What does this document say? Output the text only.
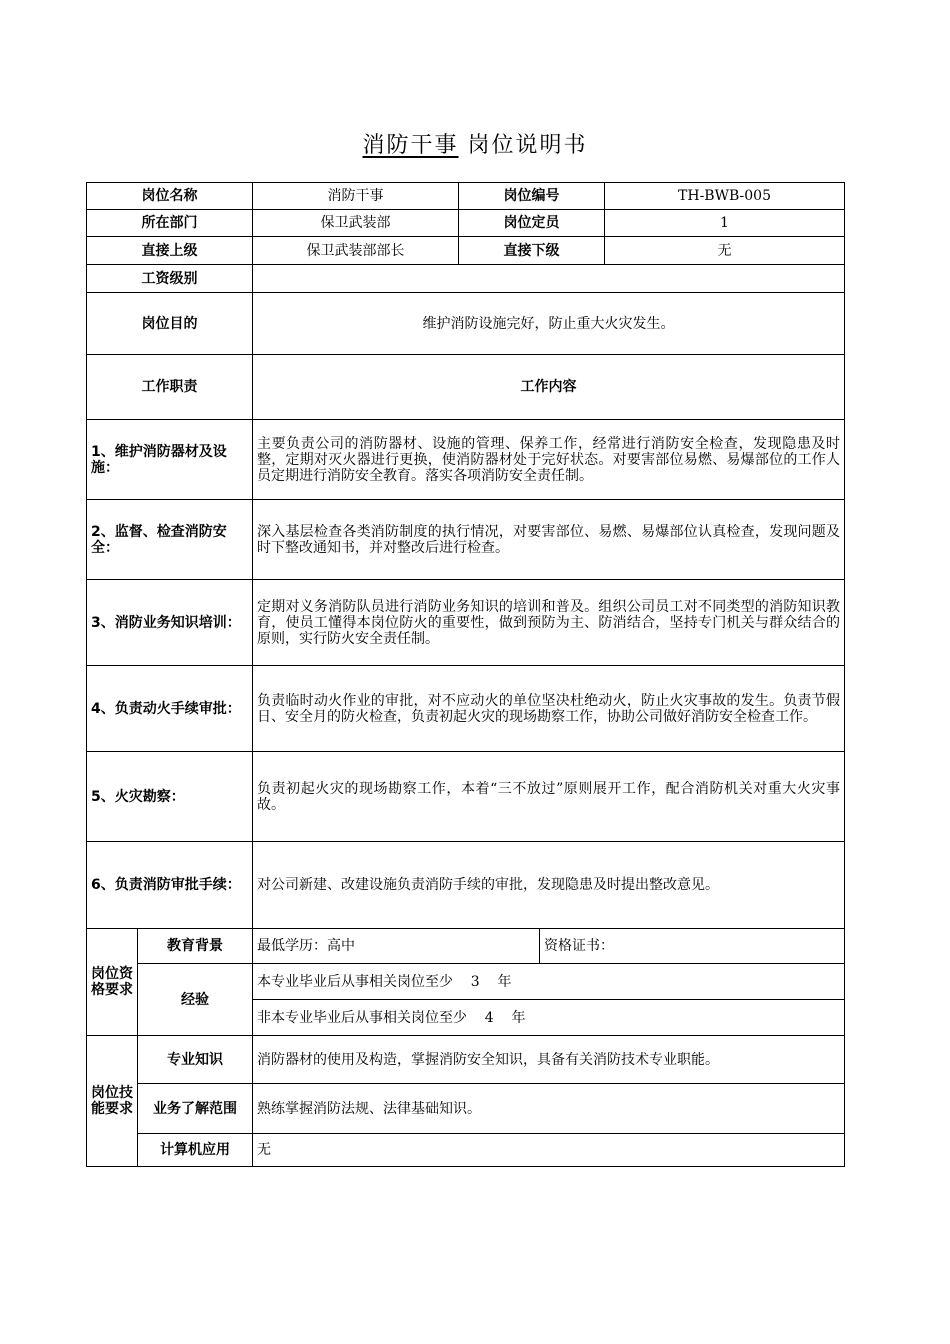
消防干事 岗位说明书
岗位名称		消防干事	岗位编号		TH-BWB-005
所在部门		保卫武装部	岗位定员		1
直接上级		保卫武装部部长	直接下级		无
工资级别					
岗位目的		维护消防设施完好，防止重大火灾发生。			
工作职责		工作内容			
1、维护消防器材及设施：		主要负责公司的消防器材、设施的管理、保养工作，经常进行消防安全检查，发现隐患及时整，定期对灭火器进行更换，使消防器材处于完好状态。对要害部位易燃、易爆部位的工作人员定期进行消防安全教育。落实各项消防安全责任制。			
2、监督、检查消防安全：		深入基层检查各类消防制度的执行情况，对要害部位、易燃、易爆部位认真检查，发现问题及时下整改通知书，并对整改后进行检查。			
3、消防业务知识培训：		定期对义务消防队员进行消防业务知识的培训和普及。组织公司员工对不同类型的消防知识教育，使员工懂得本岗位防火的重要性，做到预防为主、防消结合，坚持专门机关与群众结合的原则，实行防火安全责任制。			
4、负责动火手续审批：		负责临时动火作业的审批，对不应动火的单位坚决杜绝动火，防止火灾事故的发生。负责节假日、安全月的防火检查，负责初起火灾的现场勘察工作，协助公司做好消防安全检查工作。			
5、火灾勘察：		负责初起火灾的现场勘察工作，本着“三不放过”原则展开工作，配合消防机关对重大火灾事故。			
6、负责消防审批手续：		对公司新建、改建设施负责消防手续的审批，发现隐患及时提出整改意见。			

岗位资格要求	教育背景	最低学历：高中		资格证书：	
	经验	本专业毕业后从事相关岗位至少    3    年			
		非本专业毕业后从事相关岗位至少    4    年			

岗位技能要求	专业知识	消防器材的使用及构造，掌握消防安全知识，具备有关消防技术专业职能。			
	业务了解范围	熟练掌握消防法规、法律基础知识。			
	计算机应用	无			
